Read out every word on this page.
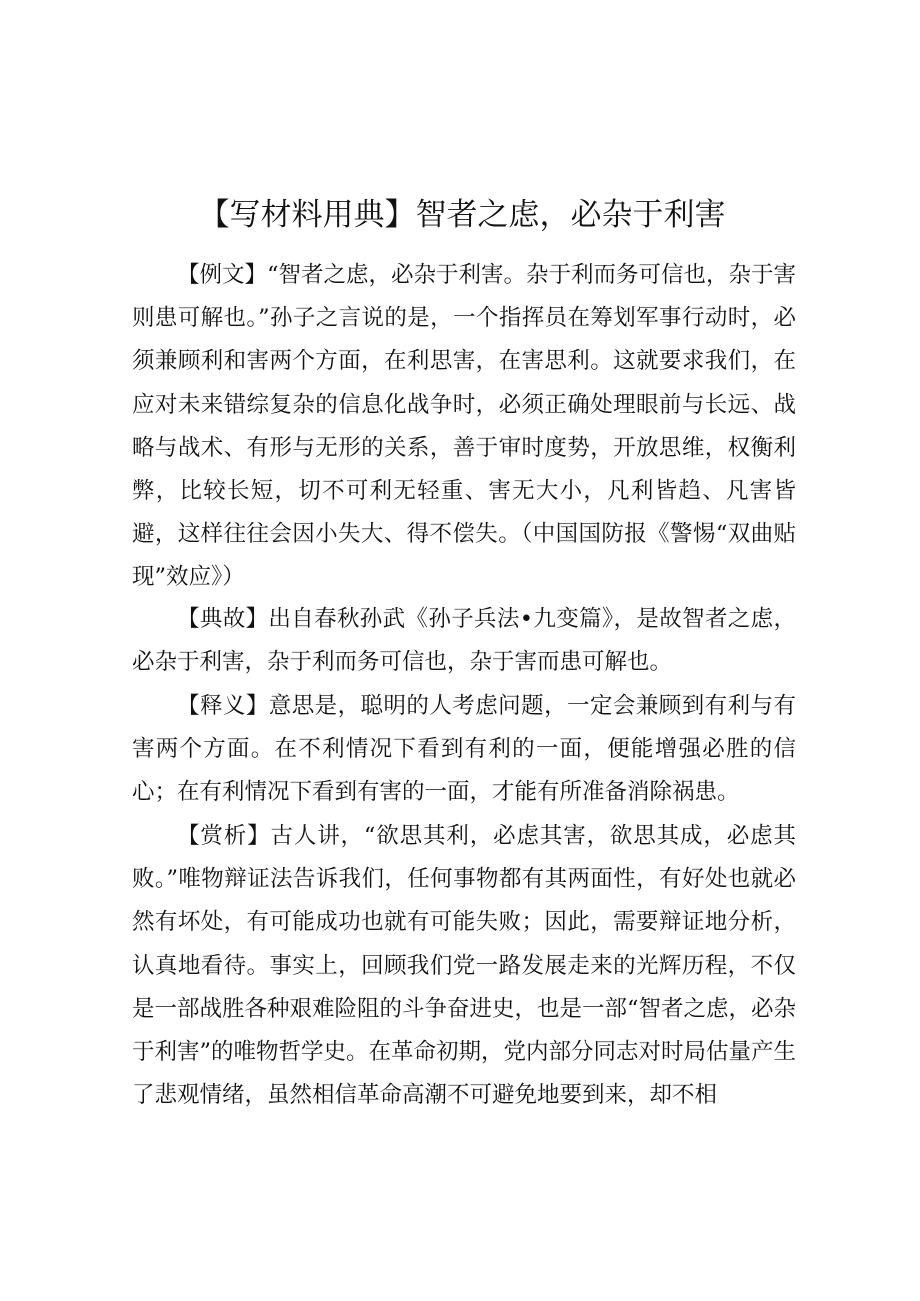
【写材料用典】智者之虑，必杂于利害

【例文】“智者之虑，必杂于利害。杂于利而务可信也，杂于害则患可解也。”孙子之言说的是，一个指挥员在筹划军事行动时，必须兼顾利和害两个方面，在利思害，在害思利。这就要求我们，在应对未来错综复杂的信息化战争时，必须正确处理眼前与长远、战略与战术、有形与无形的关系，善于审时度势，开放思维，权衡利弊，比较长短，切不可利无轻重、害无大小，凡利皆趋、凡害皆避，这样往往会因小失大、得不偿失。（中国国防报《警惕“双曲贴现”效应》）

【典故】出自春秋孙武《孙子兵法•九变篇》，是故智者之虑，必杂于利害，杂于利而务可信也，杂于害而患可解也。

【释义】意思是，聪明的人考虑问题，一定会兼顾到有利与有害两个方面。在不利情况下看到有利的一面，便能增强必胜的信心；在有利情况下看到有害的一面，才能有所准备消除祸患。

【赏析】古人讲，“欲思其利，必虑其害，欲思其成，必虑其败。”唯物辩证法告诉我们，任何事物都有其两面性，有好处也就必然有坏处，有可能成功也就有可能失败；因此，需要辩证地分析，认真地看待。事实上，回顾我们党一路发展走来的光辉历程，不仅是一部战胜各种艰难险阻的斗争奋进史，也是一部“智者之虑，必杂于利害”的唯物哲学史。在革命初期，党内部分同志对时局估量产生了悲观情绪，虽然相信革命高潮不可避免地要到来，却不相
